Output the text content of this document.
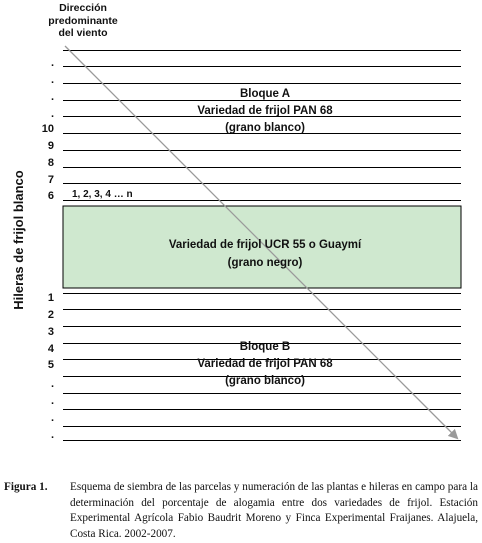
Dirección
predominante
del viento
Hileras de frijol blanco
.
.
.
.
10
9
8
7
6
1
2
3
4
5
.
.
.
.
1, 2, 3, 4 … n
Bloque A
Variedad de frijol PAN 68
(grano blanco)
Variedad de frijol UCR 55 o Guaymí
(grano negro)
Bloque B
Variedad de frijol PAN 68
(grano blanco)
Figura 1. Esquema de siembra de las parcelas y numeración de las plantas e hileras en campo para la determinación del porcentaje de alogamia entre dos variedades de frijol. Estación Experimental Agrícola Fabio Baudrit Moreno y Finca Experimental Fraijanes. Alajuela, Costa Rica. 2002-2007.
